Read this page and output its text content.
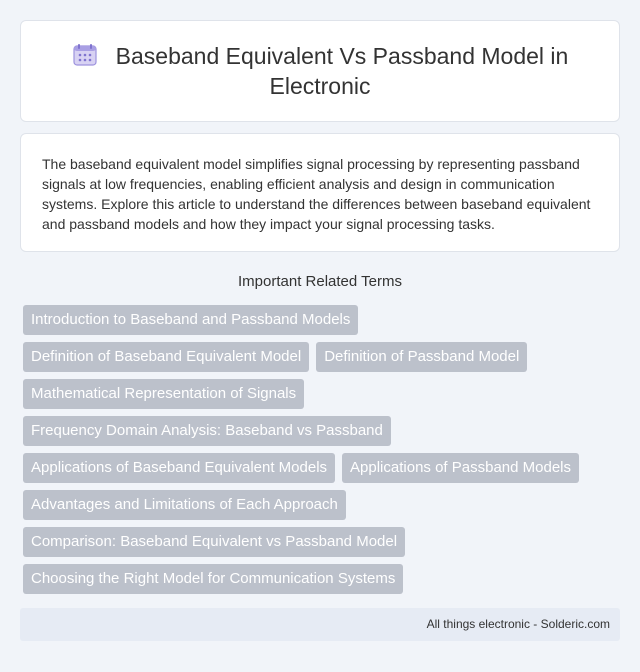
Baseband Equivalent Vs Passband Model in Electronic

The baseband equivalent model simplifies signal processing by representing passband signals at low frequencies, enabling efficient analysis and design in communication systems. Explore this article to understand the differences between baseband equivalent and passband models and how they impact your signal processing tasks.

Important Related Terms
Introduction to Baseband and Passband Models
Definition of Baseband Equivalent Model	Definition of Passband Model
Mathematical Representation of Signals
Frequency Domain Analysis: Baseband vs Passband
Applications of Baseband Equivalent Models	Applications of Passband Models
Advantages and Limitations of Each Approach
Comparison: Baseband Equivalent vs Passband Model
Choosing the Right Model for Communication Systems
All things electronic - Solderic.com
